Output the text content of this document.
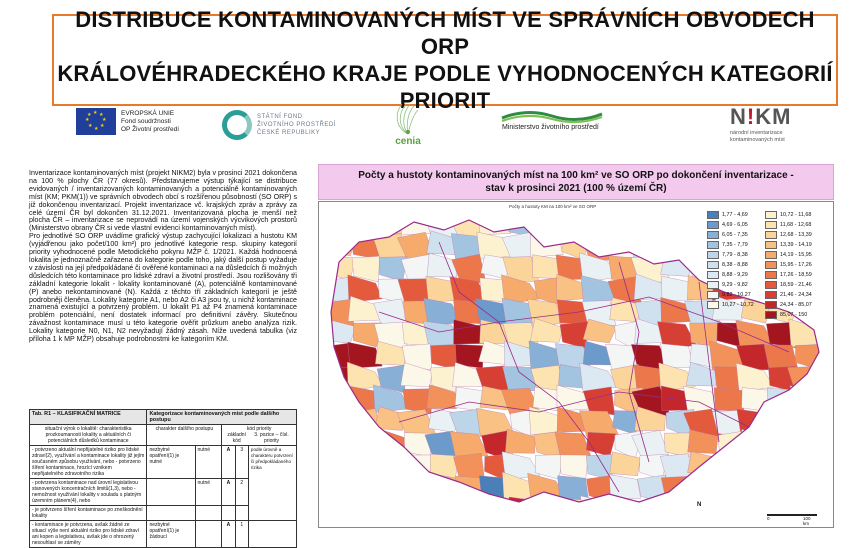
DISTRIBUCE KONTAMINOVANÝCH MÍST VE SPRÁVNÍCH OBVODECH ORP
KRÁLOVÉHRADECKÉHO KRAJE PODLE VYHODNOCENÝCH KATEGORIÍ
PRIORIT
★ ★
★
★
★
★
★
★	EVROPSKÁ UNIE
Fond soudržnosti
OP Životní prostředí
STÁTNÍ FOND
ŽIVOTNÍHO PROSTŘEDÍ
ČESKÉ REPUBLIKY
cenia
Ministerstvo životního prostředí	N!KM
národní inventarizace
kontaminovaných míst

Inventarizace kontaminovaných míst (projekt NIKM2) byla v prosinci 2021 dokončena na 100 % plochy ČR (77 okresů). Představujeme výstup týkající se distribuce evidovaných / inventarizovaných kontaminovaných a potenciálně kontaminovaných míst (KM; PKM(1)) ve správních obvodech obcí s rozšířenou působností (SO ORP) s již dokončenou inventarizací. Projekt inventarizace vč. krajských zpráv a zprávy za celé území ČR byl dokončen 31.12.2021. Inventarizovaná plocha je menší než plocha ČR – inventarizace se neprovádí na území vojenských výcvikových prostorů (Ministerstvo obrany ČR si vede vlastní evidenci kontaminovaných míst).

Pro jednotlivé SO ORP uvádíme grafický výstup zachycující lokalizaci a hustotu KM (vyjádřenou jako počet/100 km²) pro jednotlivé kategorie resp. skupiny kategorií priority vyhodnocené podle Metodického pokynu MŽP č. 1/2021. Každá hodnocená lokalita je jednoznačně zařazena do kategorie podle toho, jaký další postup vyžaduje v závislosti na její předpokládané či ověřené kontaminaci a na důsledcích či možných důsledcích této kontaminace pro lidské zdraví a životní prostředí. Jsou rozlišovány tři základní kategorie lokalit - lokality kontaminované (A), potenciálně kontaminované (P) anebo nekontaminované (N). Každá z těchto tří základních kategorií je ještě podrobněji členěna. Lokality kategorie A1, nebo A2 či A3 jsou ty, u nichž kontaminace znamená existující a potvrzený problém. U lokalit P1 až P4 znamená kontaminace problém potenciální, není dostatek informací pro definitivní závěry. Skutečnou závažnost kontaminace musí u této kategorie ověřit průzkum anebo analýza rizik. Lokality kategorie N0, N1, N2 nevyžadují žádný zásah. Níže uvedená tabulka (viz příloha 1 k MP MŽP) obsahuje podrobnostmi ke kategoriím KM.

Tab. R1 – KLASIFIKAČNÍ MATRICE	Kategorizace kontaminovaných míst podle dalšího postupu				
situační výrok o lokalitě: charakteristika prozkoumanosti lokality a aktuálních či potenciálních důsledků kontaminace	charakter dalšího postupu		kód priority
základní kód
3. pozice – čísl. priority		

- potvrzeno aktuální nepřijatelné riziko pro lidské zdraví(2), využívání a kontaminace lokality již jejím současném způsobu využívání, nebo - potvrzeno šíření kontaminace, hrozící vznikem nepřijatelného zdravotního rizika	nezbytné opatření(1) je nutné	nutné	A	3	podle úrovně a charakteru potvrzení či předpokládaného rizika
- potvrzena kontaminace nad úrovní legislativou stanovených koncentračních limitů(1,3), nebo - nemožnost využívání lokality v souladu s platným územním plánem(4), nebo		nutné	A	2	
- je potvrzeno šíření kontaminace po zneškodnění lokality					
- kontaminace je potvrzena, avšak žádné ze situací výše není aktuální riziko pro lidské zdraví ani kopen a legislativou, avšak jde o ohrozený nesouhlasí se záměry	nezbytné opatření(1) je žádoucí		A	1	
Počty a hustoty kontaminovaných míst na 100 km² ve SO ORP po dokončení inventarizace -
stav k prosinci 2021 (100 % území ČR)
Počty a hustoty KM na 100 km² ve SO ORP
1,77 - 4,69
4,69 - 6,05
6,05 - 7,35
7,35 - 7,79
7,79 - 8,38
8,38 - 8,88
8,88 - 9,29
9,29 - 9,82
9,82 - 10,27
10,27 - 10,72
10,72 - 11,68
11,68 - 12,68
12,68 - 13,39
13,39 - 14,19
14,19 - 15,95
15,95 - 17,26
17,26 - 18,59
18,59 - 21,46
21,46 - 24,34
24,34 - 85,07
85,07 - 150
N
0	100 km
